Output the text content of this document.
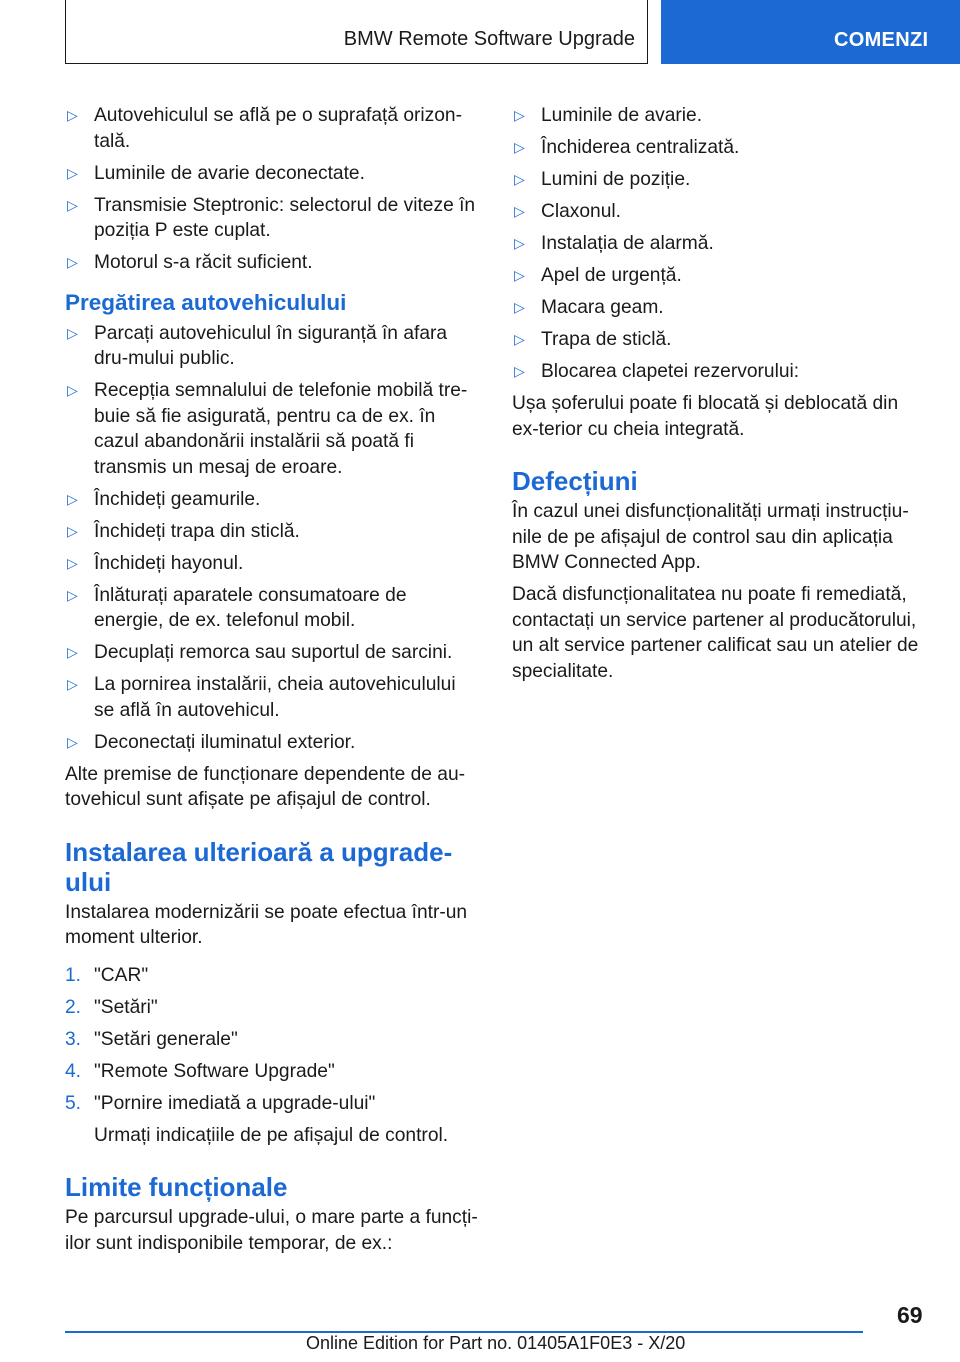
BMW Remote Software Upgrade	COMENZI
▷ Autovehiculul se află pe o suprafață orizon‐tală.
▷ Luminile de avarie deconectate.
▷ Transmisie Steptronic: selectorul de viteze în poziția P este cuplat.
▷ Motorul s-a răcit suficient.
Pregătirea autovehiculului
▷ Parcați autovehiculul în siguranță în afara dru‐mului public.
▷ Recepția semnalului de telefonie mobilă tre‐buie să fie asigurată, pentru ca de ex. în cazul abandonării instalării să poată fi transmis un mesaj de eroare.
▷ Închideți geamurile.
▷ Închideți trapa din sticlă.
▷ Închideți hayonul.
▷ Înlăturați aparatele consumatoare de energie, de ex. telefonul mobil.
▷ Decuplați remorca sau suportul de sarcini.
▷ La pornirea instalării, cheia autovehiculului se află în autovehicul.
▷ Deconectați iluminatul exterior.

Alte premise de funcționare dependente de au‐tovehicul sunt afișate pe afișajul de control.

Instalarea ulterioară a upgrade-ului

Instalarea modernizării se poate efectua într-un moment ulterior.

1. "CAR"
2. "Setări"
3. "Setări generale"
4. "Remote Software Upgrade"
5. "Pornire imediată a upgrade-ului"

Urmați indicațiile de pe afișajul de control.

Limite funcționale

Pe parcursul upgrade-ului, o mare parte a funcți‐ilor sunt indisponibile temporar, de ex.:

▷ Luminile de avarie.
▷ Închiderea centralizată.
▷ Lumini de poziție.
▷ Claxonul.
▷ Instalația de alarmă.
▷ Apel de urgență.
▷ Macara geam.
▷ Trapa de sticlă.
▷ Blocarea clapetei rezervorului:

Ușa șoferului poate fi blocată și deblocată din ex‐terior cu cheia integrată.

Defecțiuni

În cazul unei disfuncționalități urmați instrucțiu‐nile de pe afișajul de control sau din aplicația BMW Connected App.

Dacă disfuncționalitatea nu poate fi remediată, contactați un service partener al producătorului, un alt service partener calificat sau un atelier de specialitate.

69
Online Edition for Part no. 01405A1F0E3 - X/20
